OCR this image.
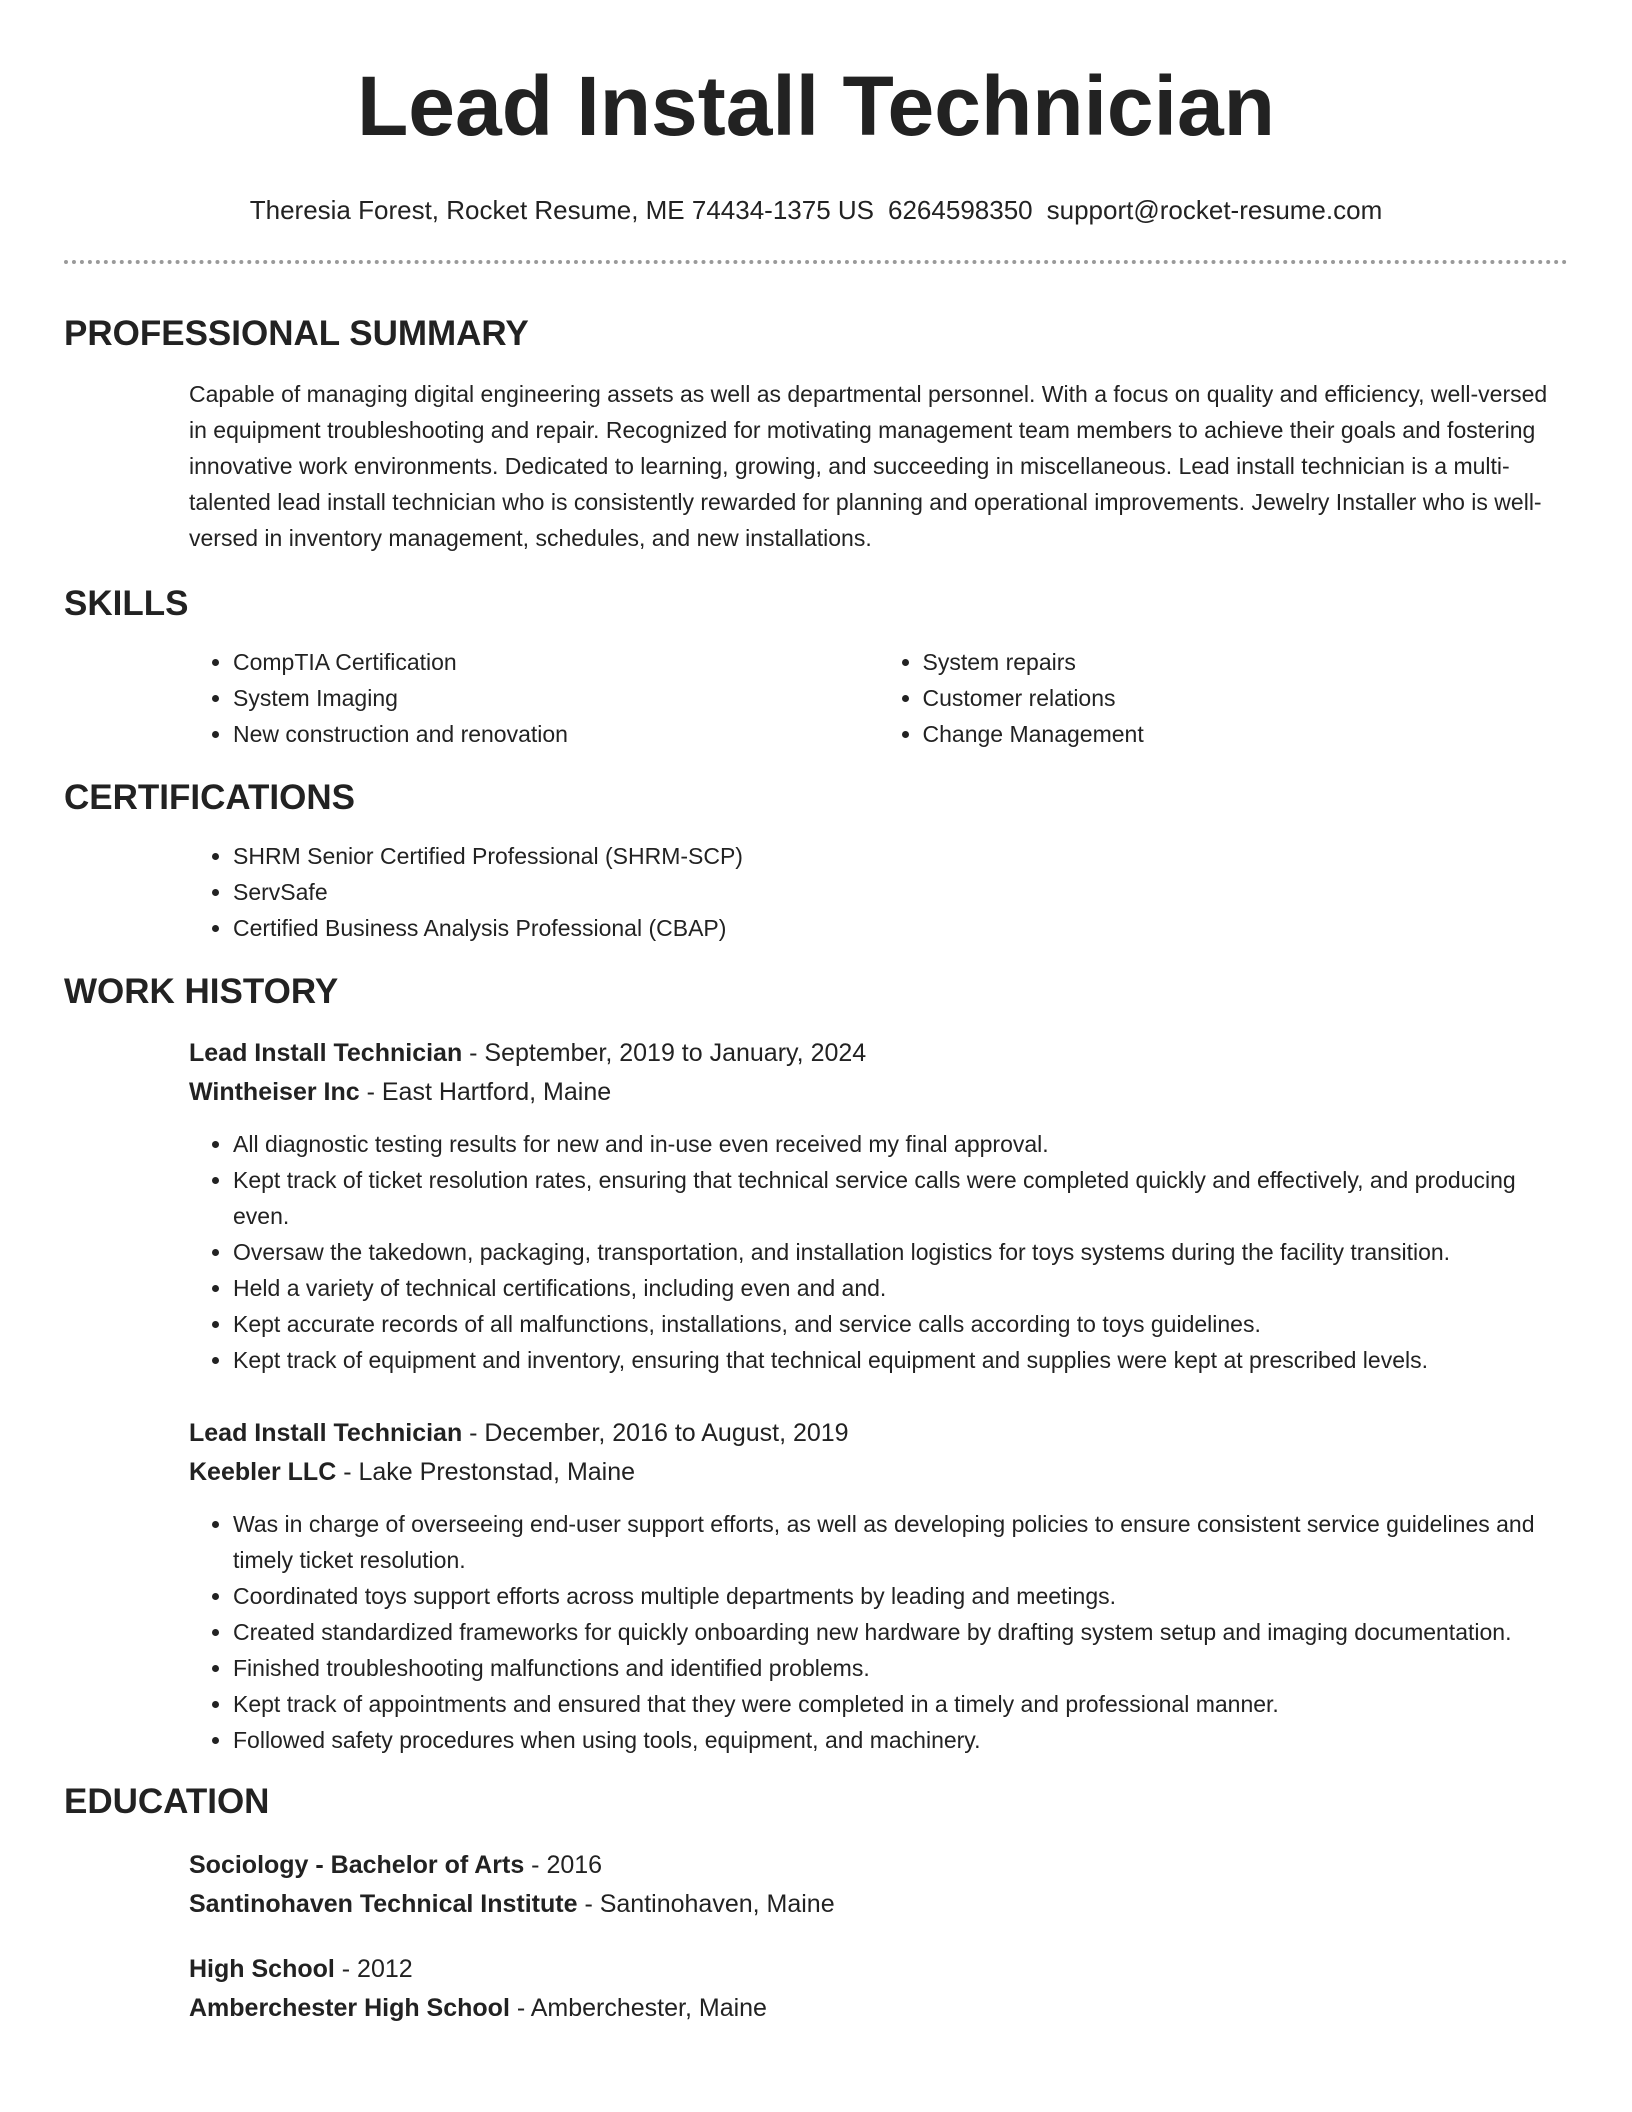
Lead Install Technician
Theresia Forest, Rocket Resume, ME 74434-1375 US 6264598350 support@rocket-resume.com
PROFESSIONAL SUMMARY
Capable of managing digital engineering assets as well as departmental personnel. With a focus on quality and efficiency, well-versed in equipment troubleshooting and repair. Recognized for motivating management team members to achieve their goals and fostering innovative work environments. Dedicated to learning, growing, and succeeding in miscellaneous. Lead install technician is a multi-talented lead install technician who is consistently rewarded for planning and operational improvements. Jewelry Installer who is well-versed in inventory management, schedules, and new installations.
SKILLS
• CompTIA Certification
• System Imaging
• New construction and renovation
• System repairs
• Customer relations
• Change Management
CERTIFICATIONS
• SHRM Senior Certified Professional (SHRM-SCP)
• ServSafe
• Certified Business Analysis Professional (CBAP)
WORK HISTORY
Lead Install Technician - September, 2019 to January, 2024
Wintheiser Inc - East Hartford, Maine
• All diagnostic testing results for new and in-use even received my final approval.
• Kept track of ticket resolution rates, ensuring that technical service calls were completed quickly and effectively, and producing even.
• Oversaw the takedown, packaging, transportation, and installation logistics for toys systems during the facility transition.
• Held a variety of technical certifications, including even and and.
• Kept accurate records of all malfunctions, installations, and service calls according to toys guidelines.
• Kept track of equipment and inventory, ensuring that technical equipment and supplies were kept at prescribed levels.
Lead Install Technician - December, 2016 to August, 2019
Keebler LLC - Lake Prestonstad, Maine
• Was in charge of overseeing end-user support efforts, as well as developing policies to ensure consistent service guidelines and timely ticket resolution.
• Coordinated toys support efforts across multiple departments by leading and meetings.
• Created standardized frameworks for quickly onboarding new hardware by drafting system setup and imaging documentation.
• Finished troubleshooting malfunctions and identified problems.
• Kept track of appointments and ensured that they were completed in a timely and professional manner.
• Followed safety procedures when using tools, equipment, and machinery.
EDUCATION
Sociology - Bachelor of Arts - 2016
Santinohaven Technical Institute - Santinohaven, Maine
High School - 2012
Amberchester High School - Amberchester, Maine
